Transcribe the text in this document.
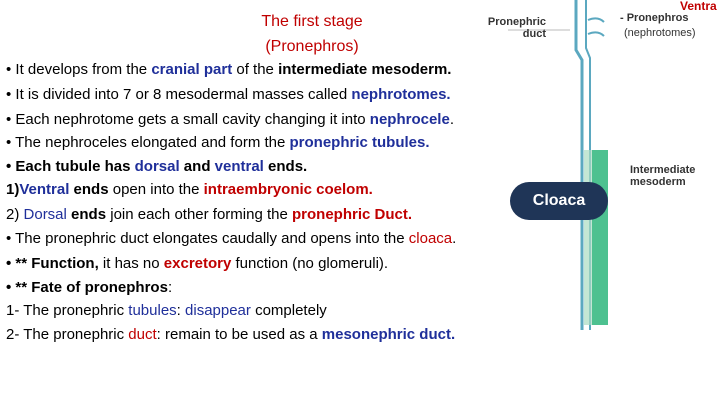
The first stage
(Pronephros)
• It develops from the cranial part of the intermediate mesoderm.
• It is divided into 7 or 8 mesodermal masses called nephrotomes.
• Each nephrotome gets a small cavity changing it into nephrocele.
• The nephroceles elongated and form the pronephric tubules.
• Each tubule has dorsal and ventral ends.
1)Ventral ends open into the intraembryonic coelom.
2) Dorsal ends join each other forming the pronephric Duct.
• The pronephric duct elongates caudally and opens into the cloaca.
• ** Function, it has no excretory function (no glomeruli).
• ** Fate of pronephros:
1- The pronephric tubules: disappear completely
2- The pronephric duct: remain to be used as a mesonephric duct.
Pronephric
duct
Ventra
- Pronephros
(nephrotomes)
Intermediate
mesoderm
Cloaca
